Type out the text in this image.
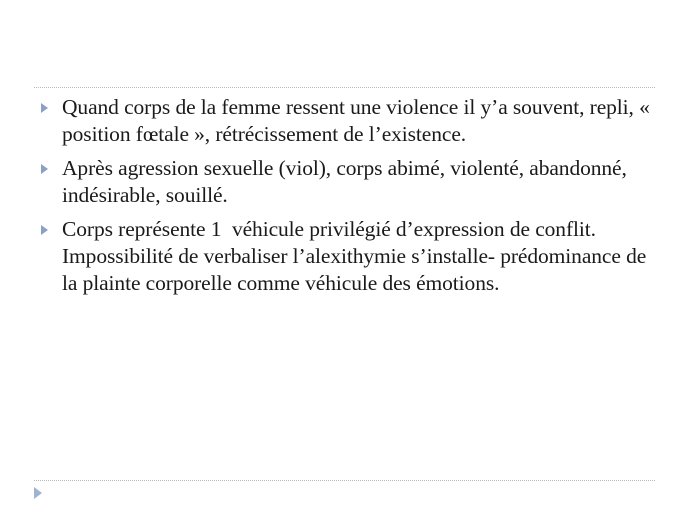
Quand corps de la femme ressent une violence il y’a souvent, repli, « position fœtale », rétrécissement de l’existence.
Après agression sexuelle (viol), corps abimé, violenté, abandonné, indésirable, souillé.
Corps représente 1  véhicule privilégié d’expression de conflit. Impossibilité de verbaliser l’alexithymie s’installe- prédominance de la plainte corporelle comme véhicule des émotions.
